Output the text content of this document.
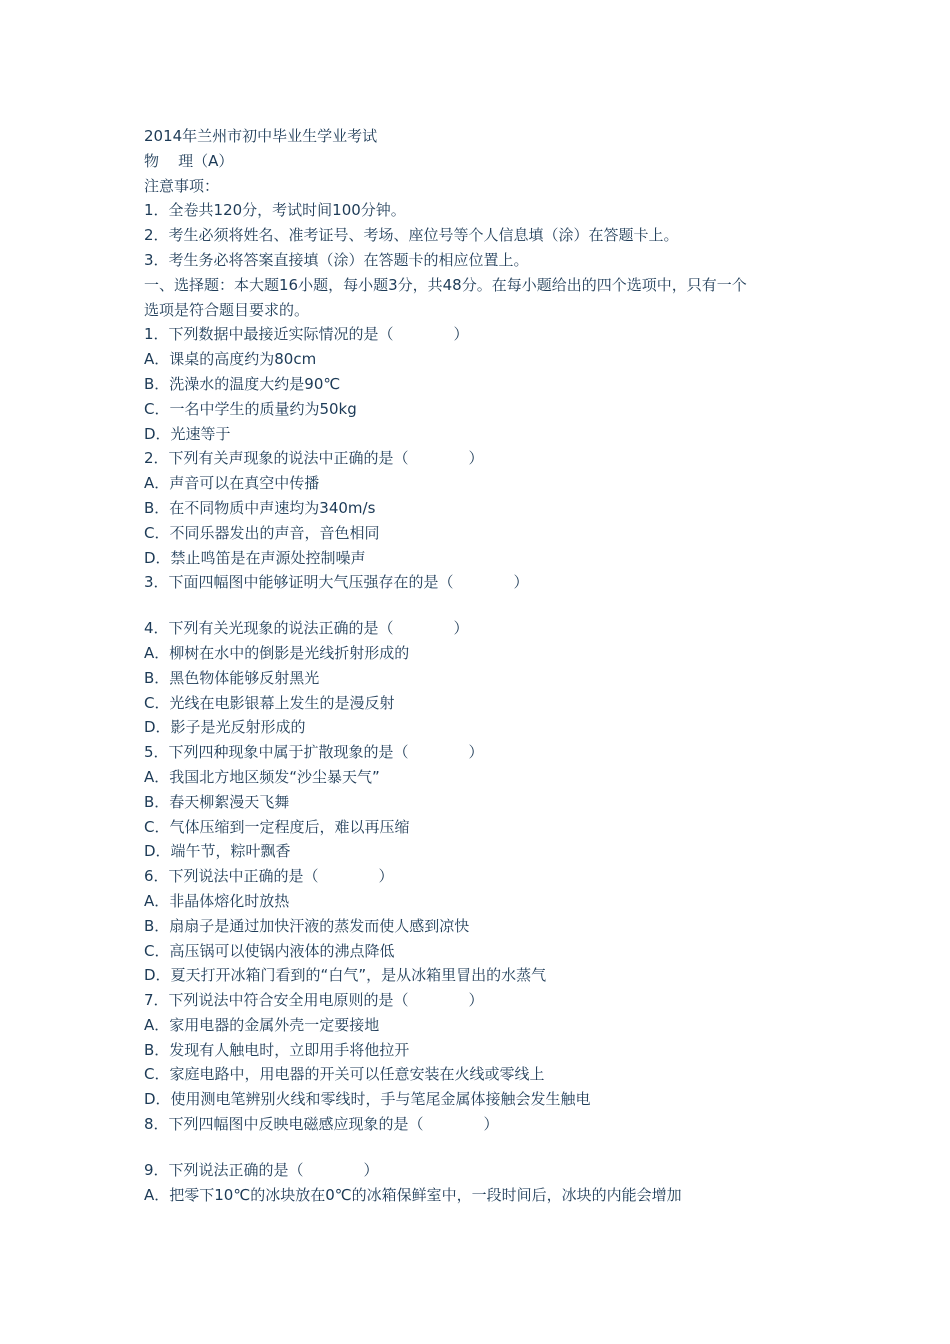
2014年兰州市初中毕业生学业考试
物    理（A）
注意事项：
1．全卷共120分，考试时间100分钟。
2．考生必须将姓名、准考证号、考场、座位号等个人信息填（涂）在答题卡上。
3．考生务必将答案直接填（涂）在答题卡的相应位置上。
一、选择题：本大题16小题，每小题3分，共48分。在每小题给出的四个选项中，只有一个
选项是符合题目要求的。
1．下列数据中最接近实际情况的是（　　　　）
A．课桌的高度约为80cm
B．洗澡水的温度大约是90℃
C．一名中学生的质量约为50kg
D．光速等于
2．下列有关声现象的说法中正确的是（　　　　）
A．声音可以在真空中传播
B．在不同物质中声速均为340m/s
C．不同乐器发出的声音，音色相同
D．禁止鸣笛是在声源处控制噪声
3．下面四幅图中能够证明大气压强存在的是（　　　　）
4．下列有关光现象的说法正确的是（　　　　）
A．柳树在水中的倒影是光线折射形成的
B．黑色物体能够反射黑光
C．光线在电影银幕上发生的是漫反射
D．影子是光反射形成的
5．下列四种现象中属于扩散现象的是（　　　　）
A．我国北方地区频发“沙尘暴天气”
B．春天柳絮漫天飞舞
C．气体压缩到一定程度后，难以再压缩
D．端午节，粽叶飘香
6．下列说法中正确的是（　　　　）
A．非晶体熔化时放热
B．扇扇子是通过加快汗液的蒸发而使人感到凉快
C．高压锅可以使锅内液体的沸点降低
D．夏天打开冰箱门看到的“白气”，是从冰箱里冒出的水蒸气
7．下列说法中符合安全用电原则的是（　　　　）
A．家用电器的金属外壳一定要接地
B．发现有人触电时，立即用手将他拉开
C．家庭电路中，用电器的开关可以任意安装在火线或零线上
D．使用测电笔辨别火线和零线时，手与笔尾金属体接触会发生触电
8．下列四幅图中反映电磁感应现象的是（　　　　）
9．下列说法正确的是（　　　　）
A．把零下10℃的冰块放在0℃的冰箱保鲜室中，一段时间后，冰块的内能会增加
